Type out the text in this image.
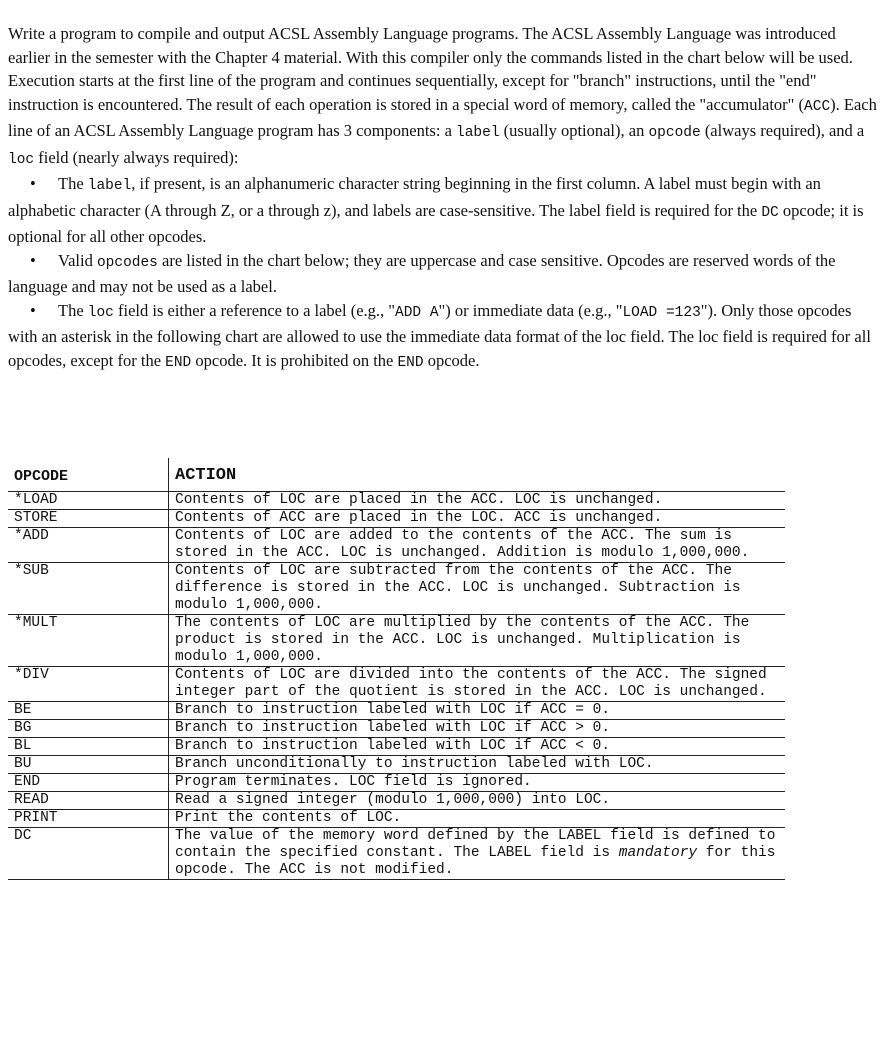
Write a program to compile and output ACSL Assembly Language programs. The ACSL Assembly Language was introduced earlier in the semester with the Chapter 4 material. With this compiler only the commands listed in the chart below will be used. Execution starts at the first line of the program and continues sequentially, except for "branch" instructions, until the "end" instruction is encountered. The result of each operation is stored in a special word of memory, called the "accumulator" (ACC). Each line of an ACSL Assembly Language program has 3 components: a label (usually optional), an opcode (always required), and a loc field (nearly always required):

• The label, if present, is an alphanumeric character string beginning in the first column. A label must begin with an alphabetic character (A through Z, or a through z), and labels are case-sensitive. The label field is required for the DC opcode; it is optional for all other opcodes.

• Valid opcodes are listed in the chart below; they are uppercase and case sensitive. Opcodes are reserved words of the language and may not be used as a label.

• The loc field is either a reference to a label (e.g., "ADD A") or immediate data (e.g., "LOAD =123"). Only those opcodes with an asterisk in the following chart are allowed to use the immediate data format of the loc field. The loc field is required for all opcodes, except for the END opcode. It is prohibited on the END opcode.

OPCODE	ACTION
*LOAD	Contents of LOC are placed in the ACC. LOC is unchanged.
STORE	Contents of ACC are placed in the LOC. ACC is unchanged.
*ADD	Contents of LOC are added to the contents of the ACC. The sum is stored in the ACC. LOC is unchanged. Addition is modulo 1,000,000.
*SUB	Contents of LOC are subtracted from the contents of the ACC. The difference is stored in the ACC. LOC is unchanged. Subtraction is modulo 1,000,000.
*MULT	The contents of LOC are multiplied by the contents of the ACC. The product is stored in the ACC. LOC is unchanged. Multiplication is modulo 1,000,000.
*DIV	Contents of LOC are divided into the contents of the ACC. The signed integer part of the quotient is stored in the ACC. LOC is unchanged.
BE	Branch to instruction labeled with LOC if ACC = 0.
BG	Branch to instruction labeled with LOC if ACC > 0.
BL	Branch to instruction labeled with LOC if ACC < 0.
BU	Branch unconditionally to instruction labeled with LOC.
END	Program terminates. LOC field is ignored.
READ	Read a signed integer (modulo 1,000,000) into LOC.
PRINT	Print the contents of LOC.
DC	The value of the memory word defined by the LABEL field is defined to contain the specified constant. The LABEL field is mandatory for this opcode. The ACC is not modified.
